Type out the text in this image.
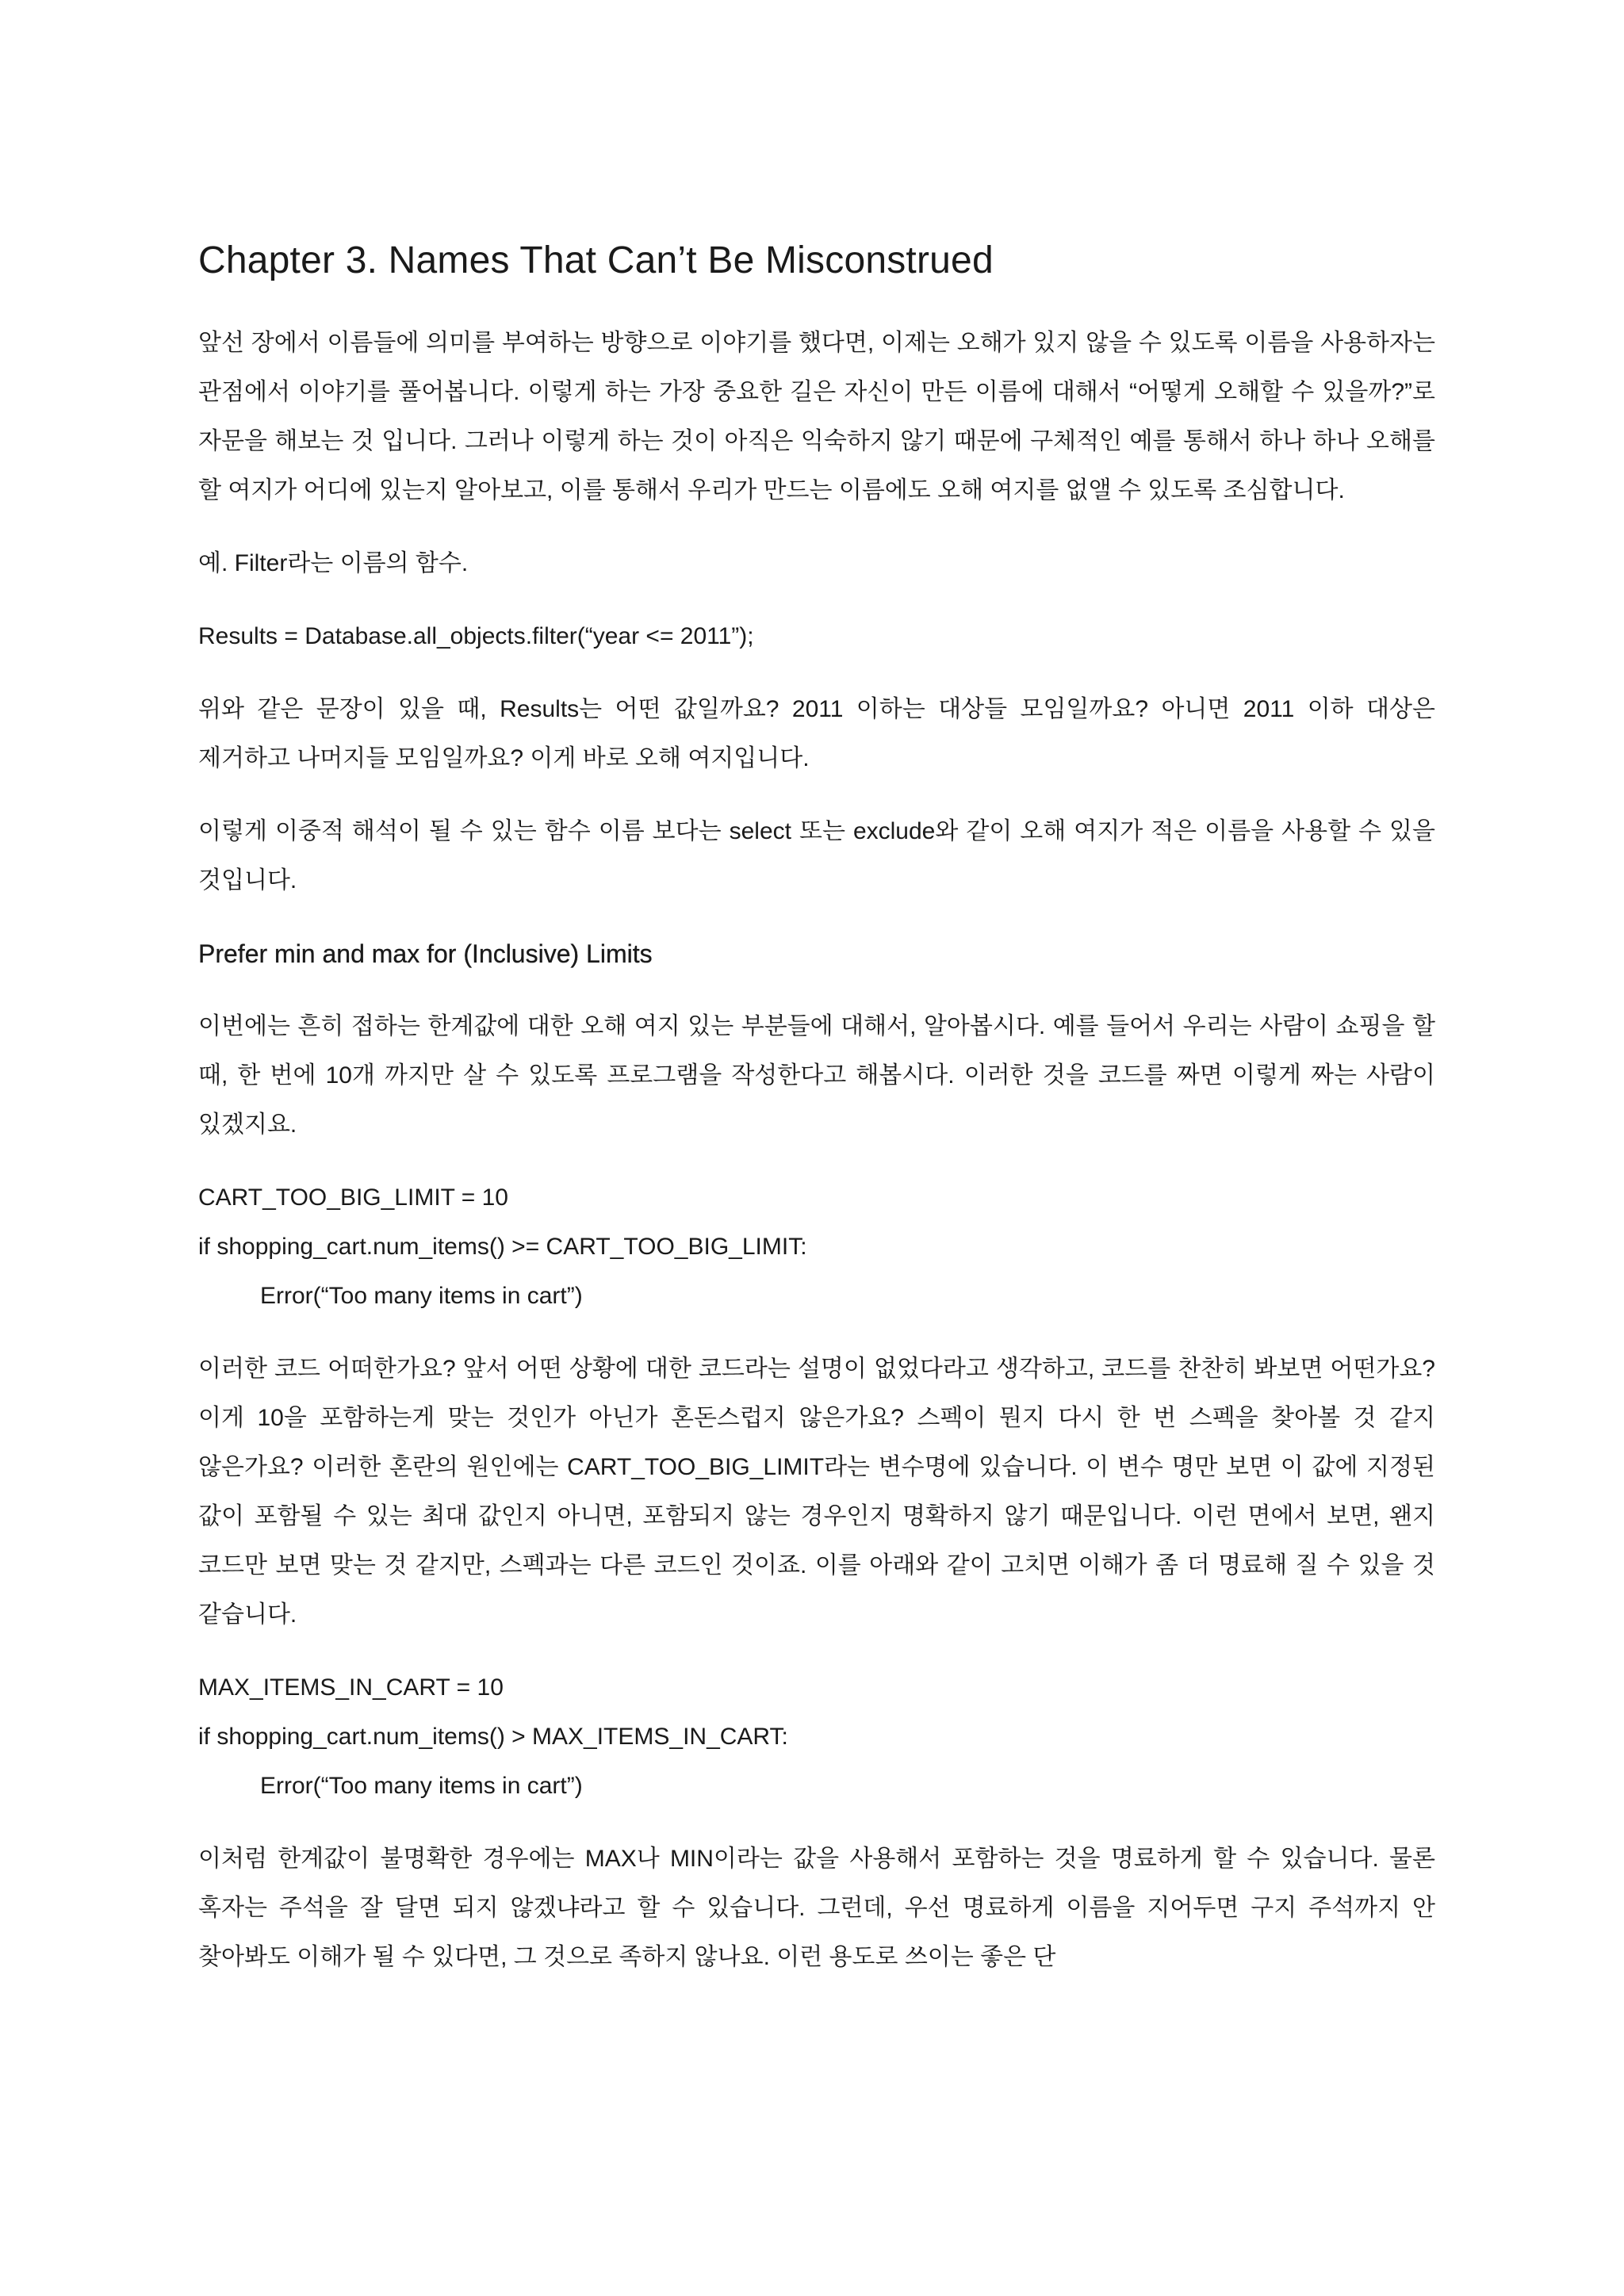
Chapter 3. Names That Can’t Be Misconstrued

앞선 장에서 이름들에 의미를 부여하는 방향으로 이야기를 했다면, 이제는 오해가 있지 않을 수 있도록 이름을 사용하자는 관점에서 이야기를 풀어봅니다. 이렇게 하는 가장 중요한 길은 자신이 만든 이름에 대해서 “어떻게 오해할 수 있을까?”로 자문을 해보는 것 입니다. 그러나 이렇게 하는 것이 아직은 익숙하지 않기 때문에 구체적인 예를 통해서 하나 하나 오해를 할 여지가 어디에 있는지 알아보고, 이를 통해서 우리가 만드는 이름에도 오해 여지를 없앨 수 있도록 조심합니다.

예. Filter라는 이름의 함수.

Results = Database.all_objects.filter(“year <= 2011”);

위와 같은 문장이 있을 때, Results는 어떤 값일까요? 2011 이하는 대상들 모임일까요? 아니면 2011 이하 대상은 제거하고 나머지들 모임일까요? 이게 바로 오해 여지입니다.

이렇게 이중적 해석이 될 수 있는 함수 이름 보다는 select 또는 exclude와 같이 오해 여지가 적은 이름을 사용할 수 있을 것입니다.

Prefer min and max for (Inclusive) Limits

이번에는 흔히 접하는 한계값에 대한 오해 여지 있는 부분들에 대해서, 알아봅시다. 예를 들어서 우리는 사람이 쇼핑을 할 때, 한 번에 10개 까지만 살 수 있도록 프로그램을 작성한다고 해봅시다. 이러한 것을 코드를 짜면 이렇게 짜는 사람이 있겠지요.

CART_TOO_BIG_LIMIT = 10

if shopping_cart.num_items() >= CART_TOO_BIG_LIMIT:

Error(“Too many items in cart”)

이러한 코드 어떠한가요? 앞서 어떤 상황에 대한 코드라는 설명이 없었다라고 생각하고, 코드를 찬찬히 봐보면 어떤가요? 이게 10을 포함하는게 맞는 것인가 아닌가 혼돈스럽지 않은가요? 스펙이 뭔지 다시 한 번 스펙을 찾아볼 것 같지 않은가요? 이러한 혼란의 원인에는 CART_TOO_BIG_LIMIT라는 변수명에 있습니다. 이 변수 명만 보면 이 값에 지정된 값이 포함될 수 있는 최대 값인지 아니면, 포함되지 않는 경우인지 명확하지 않기 때문입니다. 이런 면에서 보면, 왠지 코드만 보면 맞는 것 같지만, 스펙과는 다른 코드인 것이죠. 이를 아래와 같이 고치면 이해가 좀 더 명료해 질 수 있을 것 같습니다.

MAX_ITEMS_IN_CART = 10

if shopping_cart.num_items() > MAX_ITEMS_IN_CART:

Error(“Too many items in cart”)

이처럼 한계값이 불명확한 경우에는 MAX나 MIN이라는 값을 사용해서 포함하는 것을 명료하게 할 수 있습니다. 물론 혹자는 주석을 잘 달면 되지 않겠냐라고 할 수 있습니다. 그런데, 우선 명료하게 이름을 지어두면 구지 주석까지 안 찾아봐도 이해가 될 수 있다면, 그 것으로 족하지 않나요. 이런 용도로 쓰이는 좋은 단
